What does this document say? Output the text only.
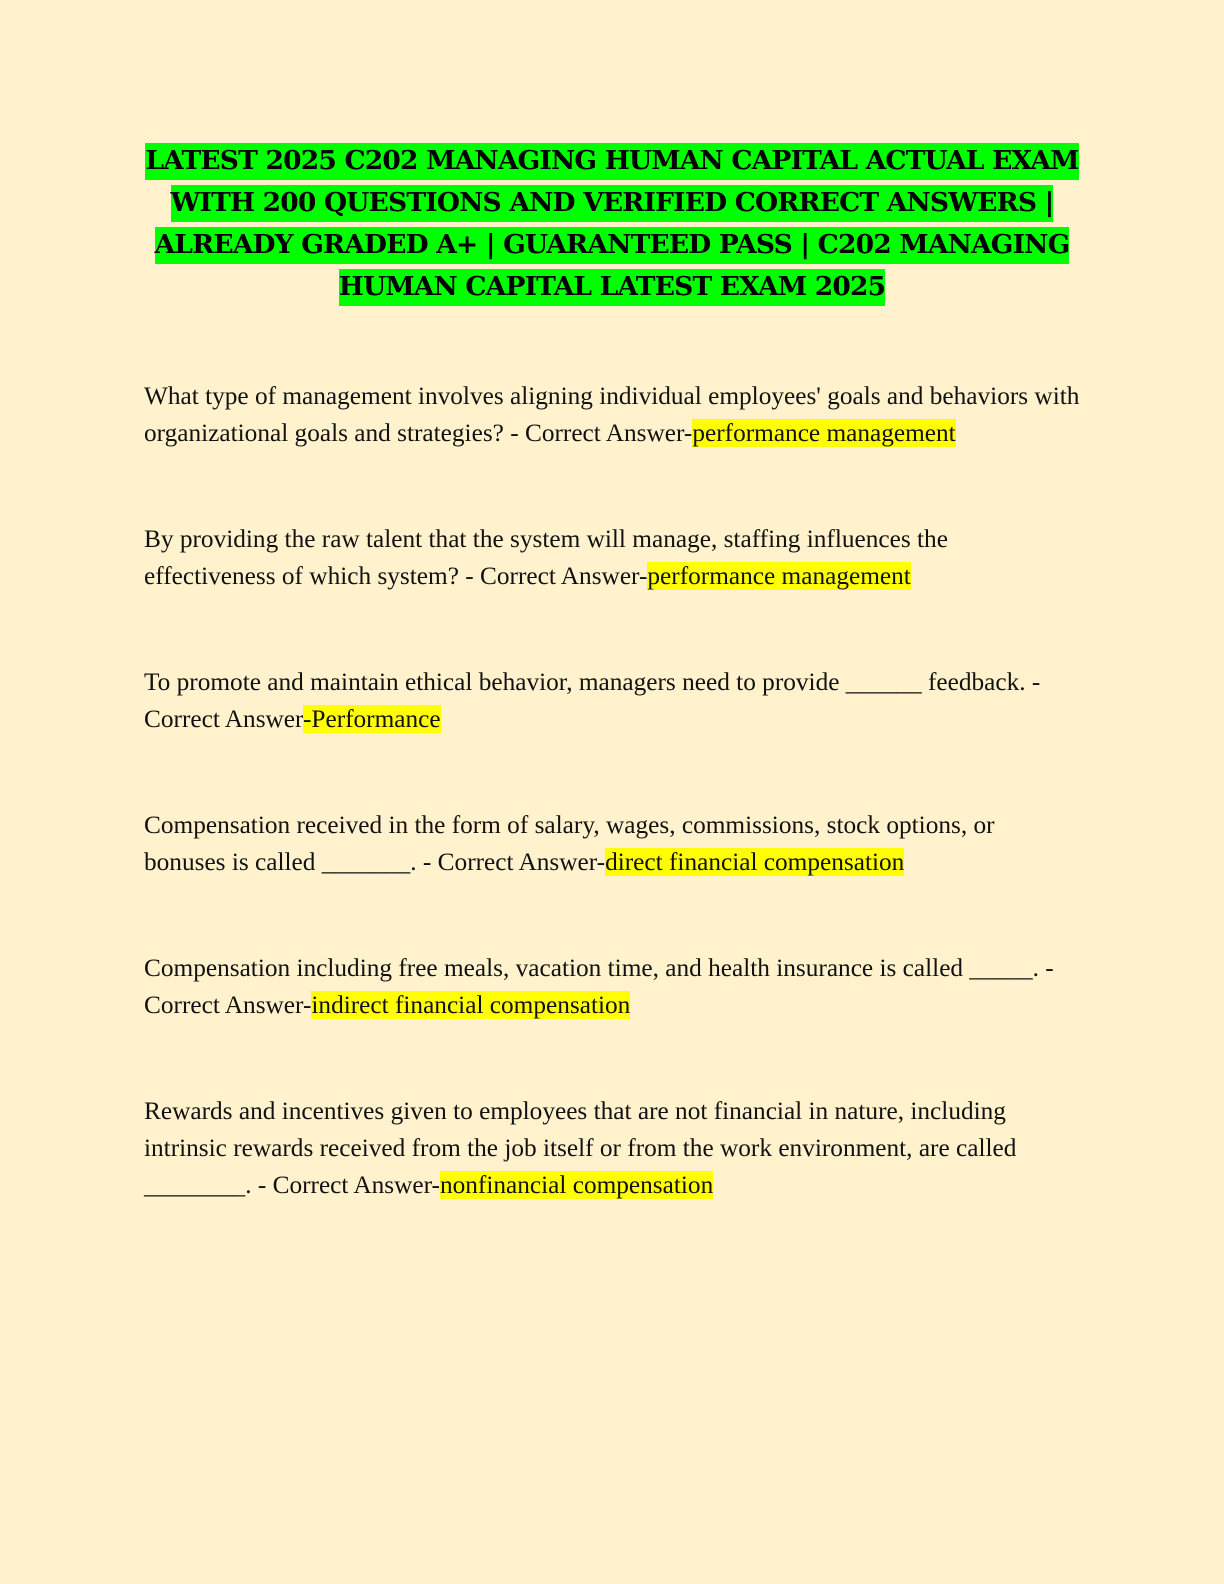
LATEST 2025 C202 MANAGING HUMAN CAPITAL ACTUAL EXAM WITH 200 QUESTIONS AND VERIFIED CORRECT ANSWERS | ALREADY GRADED A+ | GUARANTEED PASS | C202 MANAGING HUMAN CAPITAL LATEST EXAM 2025

What type of management involves aligning individual employees' goals and behaviors with organizational goals and strategies? - Correct Answer-performance management

By providing the raw talent that the system will manage, staffing influences the effectiveness of which system? - Correct Answer-performance management

To promote and maintain ethical behavior, managers need to provide ______ feedback. - Correct Answer-Performance

Compensation received in the form of salary, wages, commissions, stock options, or bonuses is called _______. - Correct Answer-direct financial compensation

Compensation including free meals, vacation time, and health insurance is called _____. - Correct Answer-indirect financial compensation

Rewards and incentives given to employees that are not financial in nature, including intrinsic rewards received from the job itself or from the work environment, are called ________. - Correct Answer-nonfinancial compensation
